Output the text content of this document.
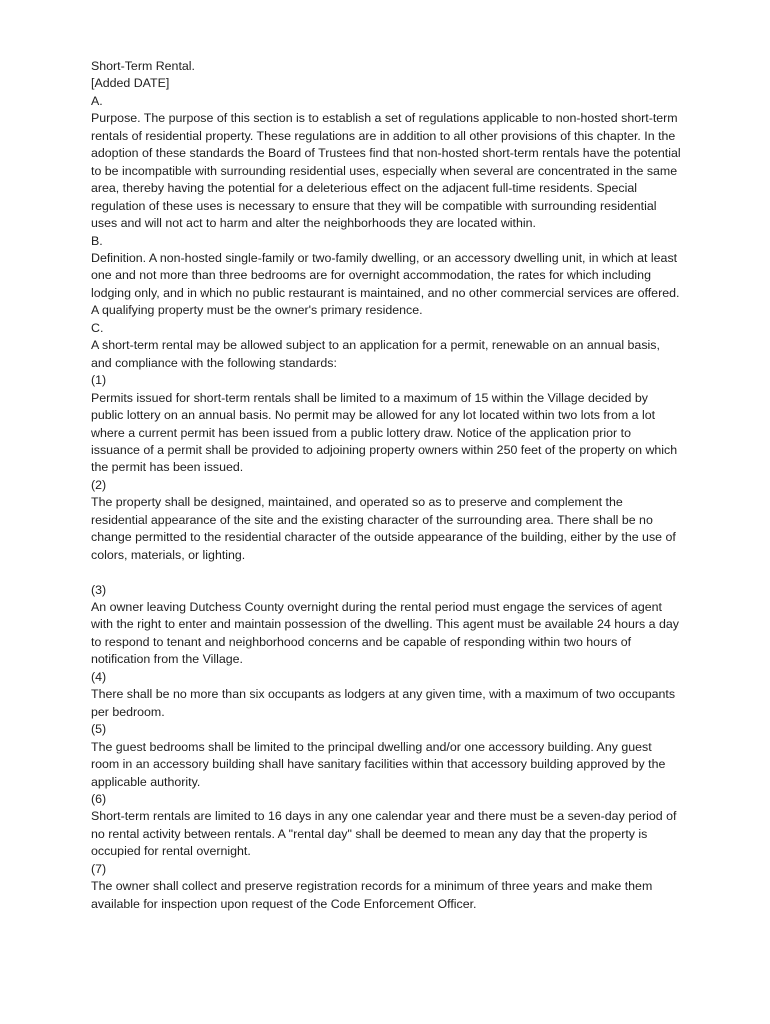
Short-Term Rental.
[Added DATE]
A.
Purpose. The purpose of this section is to establish a set of regulations applicable to non-hosted short-term rentals of residential property. These regulations are in addition to all other provisions of this chapter. In the adoption of these standards the Board of Trustees find that non-hosted short-term rentals have the potential to be incompatible with surrounding residential uses, especially when several are concentrated in the same area, thereby having the potential for a deleterious effect on the adjacent full-time residents. Special regulation of these uses is necessary to ensure that they will be compatible with surrounding residential uses and will not act to harm and alter the neighborhoods they are located within.
B.
Definition. A non-hosted single-family or two-family dwelling, or an accessory dwelling unit, in which at least one and not more than three bedrooms are for overnight accommodation, the rates for which including lodging only, and in which no public restaurant is maintained, and no other commercial services are offered. A qualifying property must be the owner's primary residence.
C.
A short-term rental may be allowed subject to an application for a permit, renewable on an annual basis, and compliance with the following standards:
(1)
Permits issued for short-term rentals shall be limited to a maximum of 15 within the Village decided by public lottery on an annual basis. No permit may be allowed for any lot located within two lots from a lot where a current permit has been issued from a public lottery draw. Notice of the application prior to issuance of a permit shall be provided to adjoining property owners within 250 feet of the property on which the permit has been issued.
(2)
The property shall be designed, maintained, and operated so as to preserve and complement the residential appearance of the site and the existing character of the surrounding area. There shall be no change permitted to the residential character of the outside appearance of the building, either by the use of colors, materials, or lighting.
(3)
An owner leaving Dutchess County overnight during the rental period must engage the services of agent with the right to enter and maintain possession of the dwelling. This agent must be available 24 hours a day to respond to tenant and neighborhood concerns and be capable of responding within two hours of notification from the Village.
(4)
There shall be no more than six occupants as lodgers at any given time, with a maximum of two occupants per bedroom.
(5)
The guest bedrooms shall be limited to the principal dwelling and/or one accessory building. Any guest room in an accessory building shall have sanitary facilities within that accessory building approved by the applicable authority.
(6)
Short-term rentals are limited to 16 days in any one calendar year and there must be a seven-day period of no rental activity between rentals. A "rental day" shall be deemed to mean any day that the property is occupied for rental overnight.
(7)
The owner shall collect and preserve registration records for a minimum of three years and make them available for inspection upon request of the Code Enforcement Officer.
